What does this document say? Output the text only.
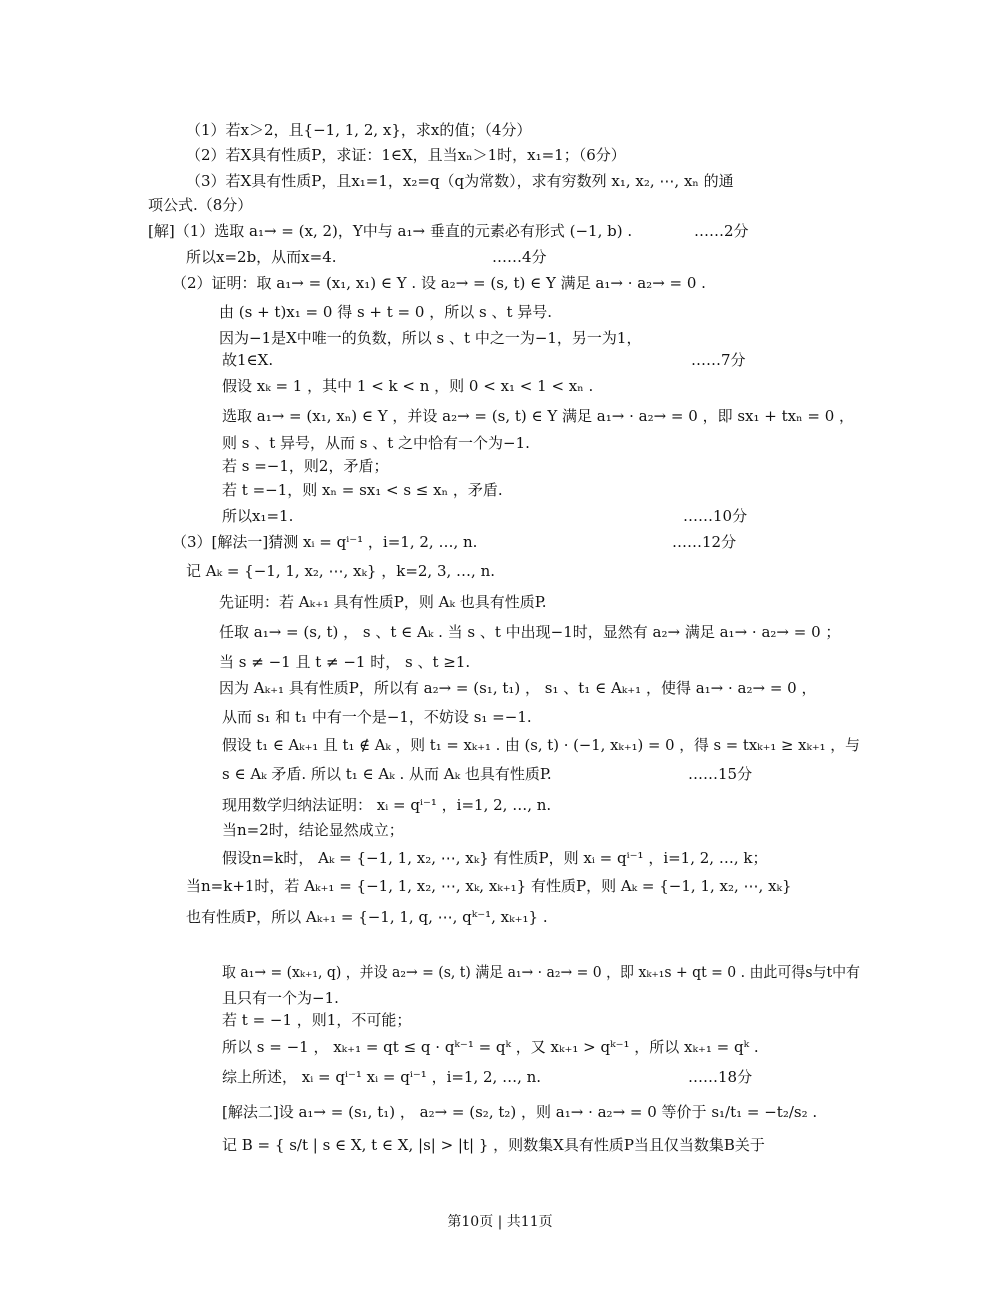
（1）若x＞2，且{−1, 1, 2, x}，求x的值；（4分）
（2）若X具有性质P，求证：1∈X，且当xₙ＞1时，x₁=1；（6分）
（3）若X具有性质P，且x₁=1，x₂=q（q为常数），求有穷数列 x₁, x₂, ⋯, xₙ 的通
项公式.（8分）
[解]（1）选取 a₁→ = (x, 2)，Y中与 a₁→ 垂直的元素必有形式 (−1, b) .	……2分
所以x=2b，从而x=4.	……4分
（2）证明：取 a₁→ = (x₁, x₁) ∈ Y . 设 a₂→ = (s, t) ∈ Y 满足 a₁→ · a₂→ = 0 .
由 (s + t)x₁ = 0 得 s + t = 0 ，所以 s 、t 异号.
因为−1是X中唯一的负数，所以 s 、t 中之一为−1，另一为1，
故1∈X.	……7分
假设 xₖ = 1 ，其中 1 < k < n ，则 0 < x₁ < 1 < xₙ .
选取 a₁→ = (x₁, xₙ) ∈ Y ，并设 a₂→ = (s, t) ∈ Y 满足 a₁→ · a₂→ = 0 ，即 sx₁ + txₙ = 0 ，
则 s 、t 异号，从而 s 、t 之中恰有一个为−1.
若 s =−1，则2，矛盾；
若 t =−1，则 xₙ = sx₁ < s ≤ xₙ ，矛盾.
所以x₁=1.	……10分
（3）[解法一]猜测 xᵢ = qⁱ⁻¹ ，i=1, 2, …, n.	……12分
记 Aₖ = {−1, 1, x₂, ⋯, xₖ} ，k=2, 3, …, n.
先证明：若 Aₖ₊₁ 具有性质P，则 Aₖ 也具有性质P.
任取 a₁→ = (s, t) ， s 、t ∈ Aₖ . 当 s 、t 中出现−1时，显然有 a₂→ 满足 a₁→ · a₂→ = 0 ；
当 s ≠ −1 且 t ≠ −1 时， s 、t ≥1.
因为 Aₖ₊₁ 具有性质P，所以有 a₂→ = (s₁, t₁) ， s₁ 、t₁ ∈ Aₖ₊₁ ，使得 a₁→ · a₂→ = 0 ，
从而 s₁ 和 t₁ 中有一个是−1，不妨设 s₁ =−1.
假设 t₁ ∈ Aₖ₊₁ 且 t₁ ∉ Aₖ ，则 t₁ = xₖ₊₁ . 由 (s, t) · (−1, xₖ₊₁) = 0 ，得 s = txₖ₊₁ ≥ xₖ₊₁ ，与
s ∈ Aₖ 矛盾. 所以 t₁ ∈ Aₖ . 从而 Aₖ 也具有性质P.	……15分
现用数学归纳法证明： xᵢ = qⁱ⁻¹ ，i=1, 2, …, n.
当n=2时，结论显然成立；
假设n=k时， Aₖ = {−1, 1, x₂, ⋯, xₖ} 有性质P，则 xᵢ = qⁱ⁻¹ ，i=1, 2, …, k；
当n=k+1时，若 Aₖ₊₁ = {−1, 1, x₂, ⋯, xₖ, xₖ₊₁} 有性质P，则 Aₖ = {−1, 1, x₂, ⋯, xₖ}
也有性质P，所以 Aₖ₊₁ = {−1, 1, q, ⋯, qᵏ⁻¹, xₖ₊₁} .
取 a₁→ = (xₖ₊₁, q) ，并设 a₂→ = (s, t) 满足 a₁→ · a₂→ = 0 ，即 xₖ₊₁s + qt = 0 . 由此可得s与t中有
且只有一个为−1.
若 t = −1 ，则1，不可能；
所以 s = −1 ， xₖ₊₁ = qt ≤ q · qᵏ⁻¹ = qᵏ ，又 xₖ₊₁ > qᵏ⁻¹ ，所以 xₖ₊₁ = qᵏ .
综上所述， xᵢ = qⁱ⁻¹ xᵢ = qⁱ⁻¹ ，i=1, 2, …, n.	……18分
[解法二]设 a₁→ = (s₁, t₁) ， a₂→ = (s₂, t₂) ，则 a₁→ · a₂→ = 0 等价于 s₁/t₁ = −t₂/s₂ .
记 B = { s/t | s ∈ X, t ∈ X, |s| > |t| } ，则数集X具有性质P当且仅当数集B关于
第10页 | 共11页
